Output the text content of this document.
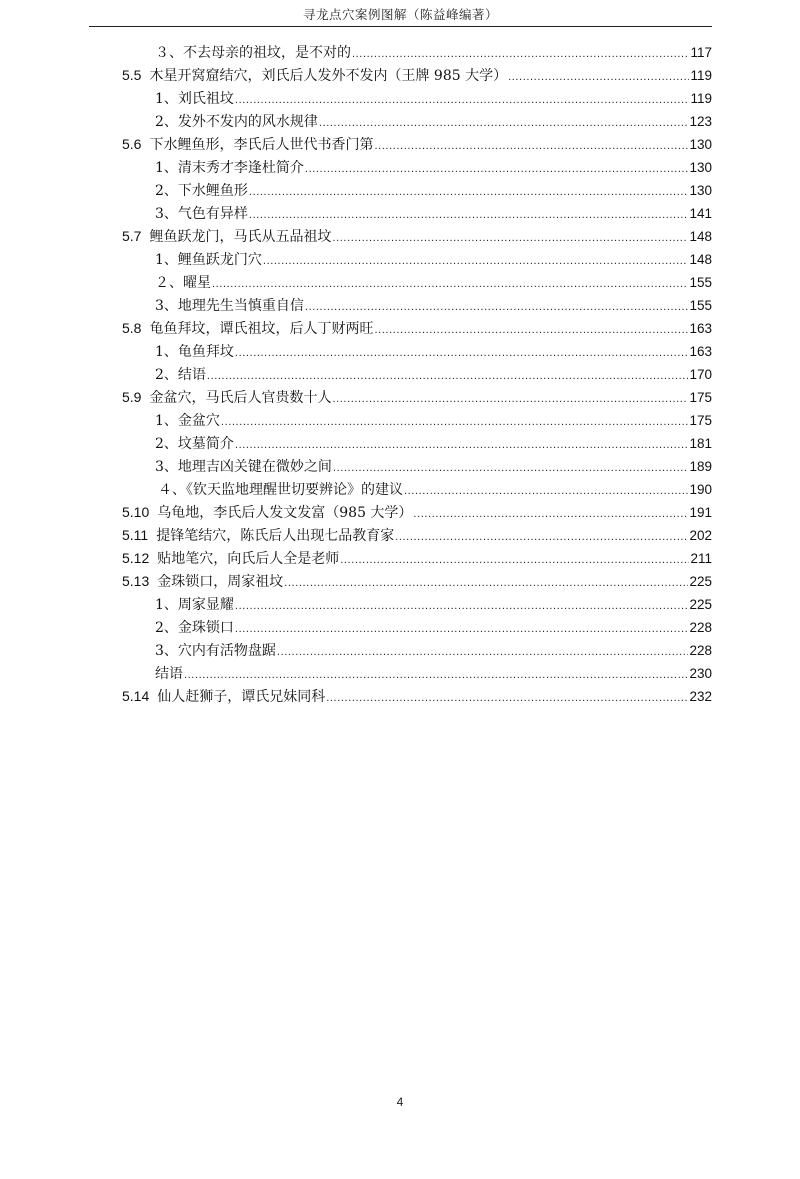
寻龙点穴案例图解（陈益峰编著）
３、不去母亲的祖坟，是不对的 .....	117
5.5 木星开窝窟结穴，刘氏后人发外不发内（王牌 985 大学） .....	119
1、刘氏祖坟 .....	119
2、发外不发内的风水规律 .....	123
5.6 下水鲤鱼形，李氏后人世代书香门第 .....	130
1、清末秀才李逢杜简介 .....	130
2、下水鲤鱼形 .....	130
3、气色有异样 .....	141
5.7 鲤鱼跃龙门，马氏从五品祖坟 .....	148
1、鲤鱼跃龙门穴 .....	148
２、曜星 .....	155
3、地理先生当慎重自信 .....	155
5.8 龟鱼拜坟，谭氏祖坟，后人丁财两旺 .....	163
1、龟鱼拜坟 .....	163
2、结语 .....	170
5.9 金盆穴，马氏后人官贵数十人 .....	175
1、金盆穴 .....	175
2、坟墓简介 .....	181
3、地理吉凶关键在微妙之间 .....	189
４、《钦天监地理醒世切要辨论》的建议 .....	190
5.10 乌龟地，李氏后人发文发富（985 大学） .....	191
5.11 提锋笔结穴，陈氏后人出现七品教育家 .....	202
5.12 贴地笔穴，向氏后人全是老师 .....	211
5.13 金珠锁口，周家祖坟 .....	225
1、周家显耀 .....	225
2、金珠锁口 .....	228
3、穴内有活物盘踞 .....	228
结语 .....	230
5.14 仙人赶狮子，谭氏兄妹同科 .....	232
4
